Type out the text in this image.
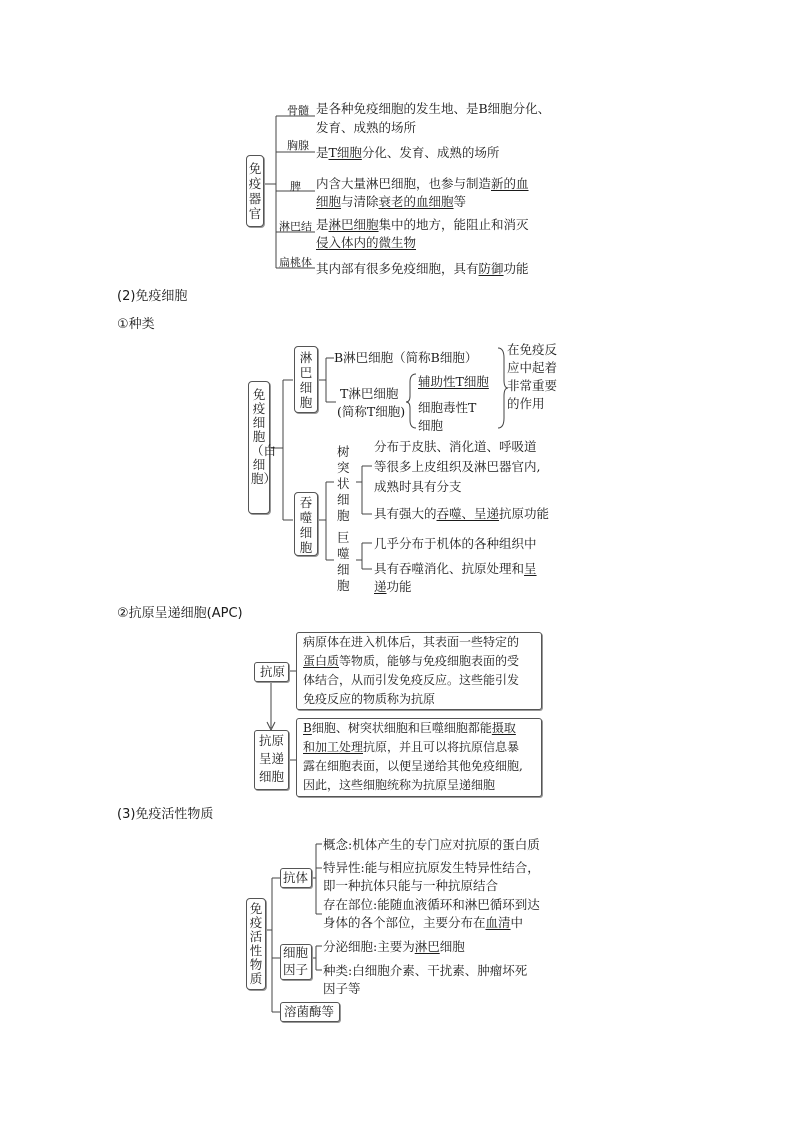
免疫器官
骨髓 是各种免疫细胞的发生地、是B细胞分化、
发育、成熟的场所
胸腺 是T细胞分化、发育、成熟的场所
脾 内含大量淋巴细胞，也参与制造新的血
细胞与清除衰老的血细胞等
淋巴结 是淋巴细胞集中的地方，能阻止和消灭
侵入体内的微生物
扁桃体 其内部有很多免疫细胞，具有防御功能
(2)免疫细胞
①种类
免疫细胞（白细胞）
淋巴细胞
B淋巴细胞（简称B细胞）
T淋巴细胞
(简称T细胞)
辅助性T细胞
细胞毒性T
细胞
在免疫反应中起着非常重要的作用
吞噬细胞
树突状细胞
分布于皮肤、消化道、呼吸道
等很多上皮组织及淋巴器官内,
成熟时具有分支
具有强大的吞噬、呈递抗原功能
巨噬细胞
几乎分布于机体的各种组织中
具有吞噬消化、抗原处理和呈
递功能
②抗原呈递细胞(APC)
抗原
病原体在进入机体后，其表面一些特定的
蛋白质等物质，能够与免疫细胞表面的受
体结合，从而引发免疫反应。这些能引发
免疫反应的物质称为抗原
抗原呈递细胞
B细胞、树突状细胞和巨噬细胞都能摄取
和加工处理抗原，并且可以将抗原信息暴
露在细胞表面，以便呈递给其他免疫细胞,
因此，这些细胞统称为抗原呈递细胞
(3)免疫活性物质
免疫活性物质
抗体
概念:机体产生的专门应对抗原的蛋白质
特异性:能与相应抗原发生特异性结合，
即一种抗体只能与一种抗原结合
存在部位:能随血液循环和淋巴循环到达
身体的各个部位，主要分布在血清中
细胞因子
分泌细胞:主要为淋巴细胞
种类:白细胞介素、干扰素、肿瘤坏死
因子等
溶菌酶等
